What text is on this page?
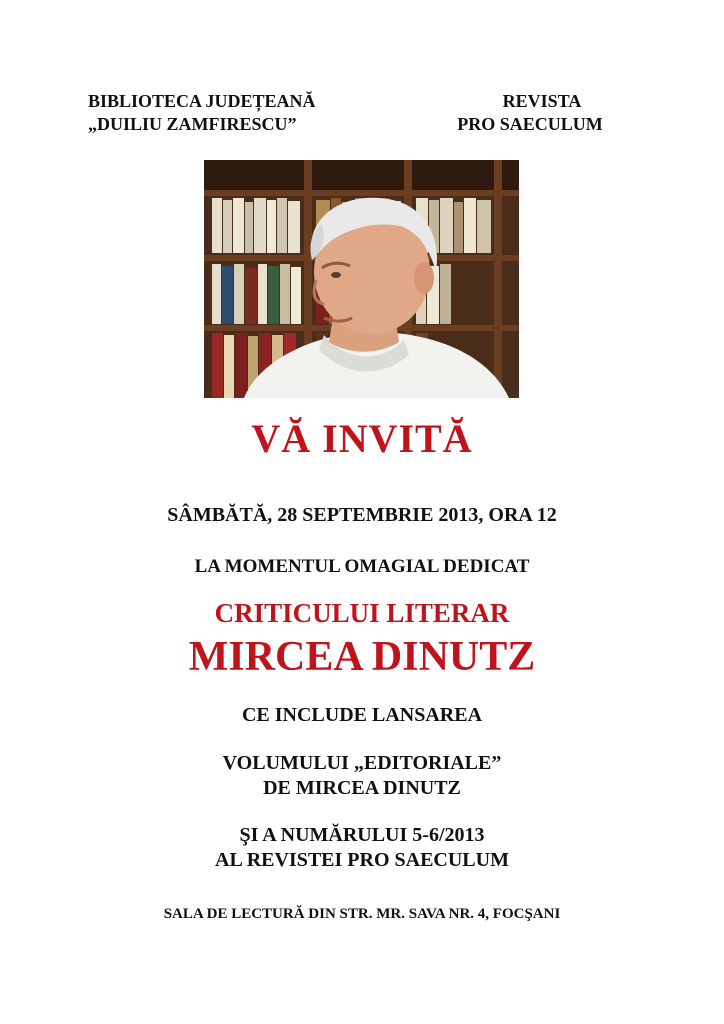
BIBLIOTECA JUDEȚEANĂ
„DUILIU ZAMFIRESCU”
REVISTA
PRO SAECULUM

VĂ INVITĂ

SÂMBĂTĂ, 28 SEPTEMBRIE 2013, ORA 12

LA MOMENTUL OMAGIAL DEDICAT

CRITICULUI LITERAR

MIRCEA DINUTZ

CE INCLUDE LANSAREA

VOLUMULUI „EDITORIALE”

DE MIRCEA DINUTZ

ŞI A NUMĂRULUI 5-6/2013

AL REVISTEI PRO SAECULUM

SALA DE LECTURĂ DIN STR. MR. SAVA NR. 4, FOCŞANI
